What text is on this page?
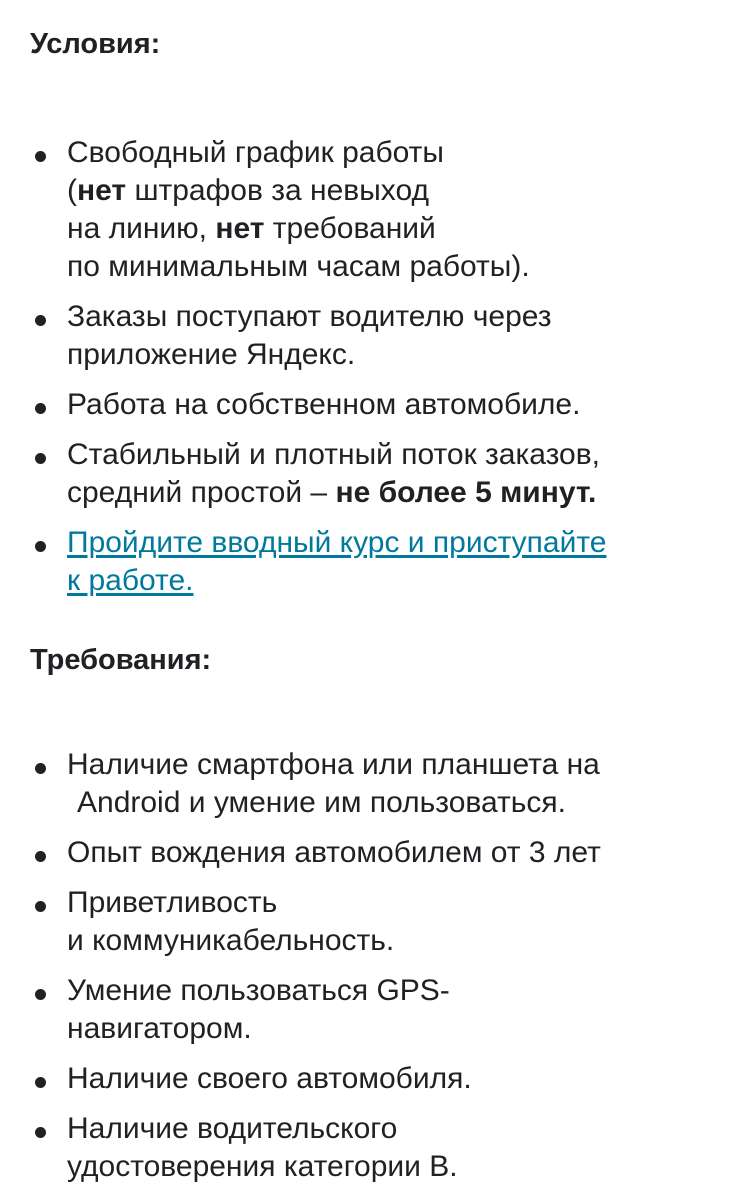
Условия:
Свободный график работы
(нет штрафов за невыход
на линию, нет требований
по минимальным часам работы).
Заказы поступают водителю через
приложение Яндекс.
Работа на собственном автомобиле.
Стабильный и плотный поток заказов,
средний простой – не более 5 минут.
Пройдите вводный курс и приступайте
к работе.
Требования:
Наличие смартфона или планшета на
Android и умение им пользоваться.
Опыт вождения автомобилем от 3 лет
Приветливость
и коммуникабельность.
Умение пользоваться GPS-
навигатором.
Наличие своего автомобиля.
Наличие водительского
удостоверения категории В.
